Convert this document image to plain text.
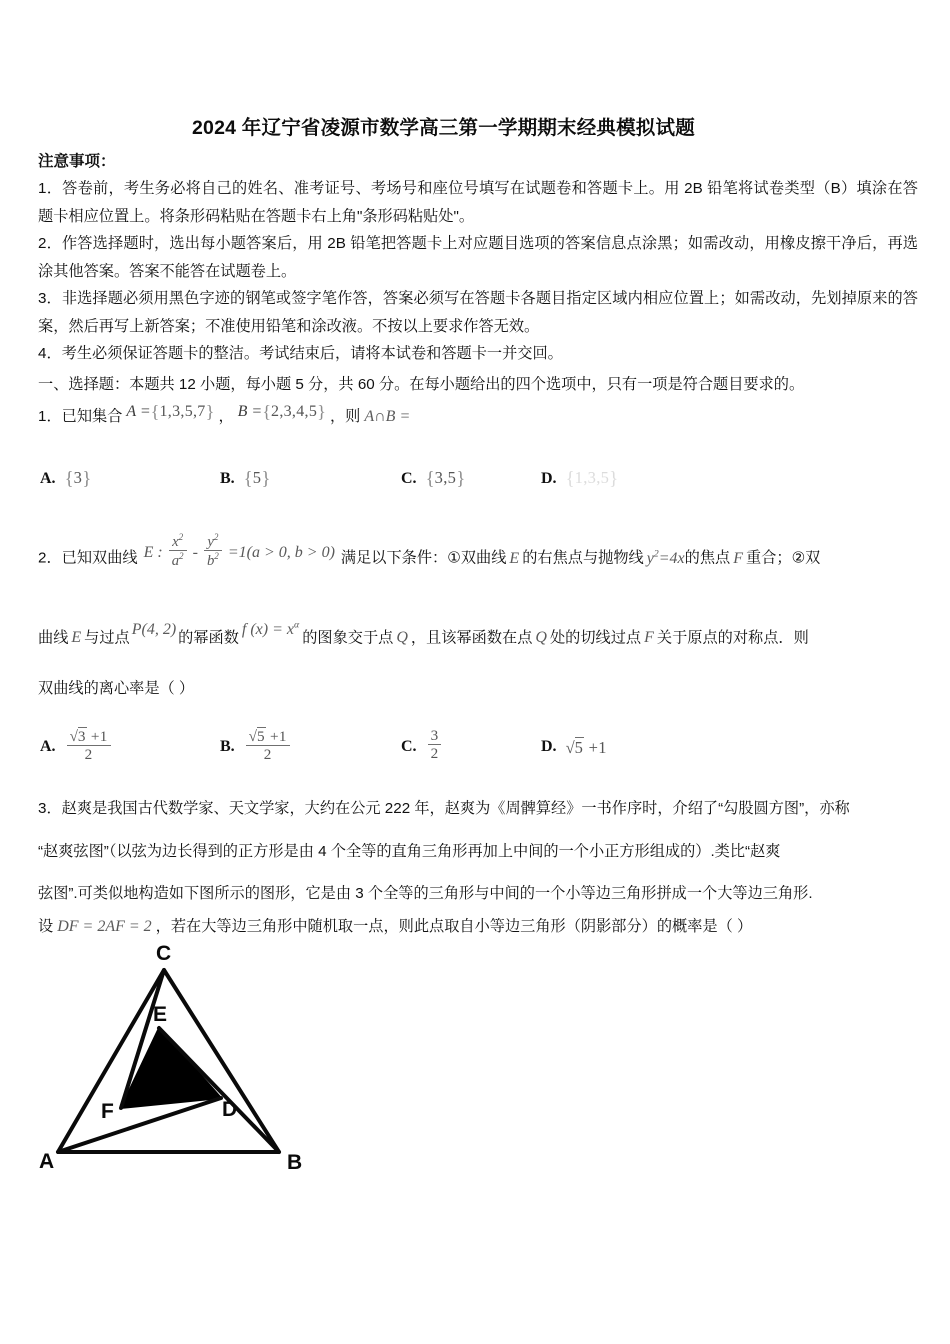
2024 年辽宁省凌源市数学高三第一学期期末经典模拟试题
注意事项：
1．答卷前，考生务必将自己的姓名、准考证号、考场号和座位号填写在试题卷和答题卡上。用 2B 铅笔将试卷类型（B）填涂在答题卡相应位置上。将条形码粘贴在答题卡右上角"条形码粘贴处"。
2．作答选择题时，选出每小题答案后，用 2B 铅笔把答题卡上对应题目选项的答案信息点涂黑；如需改动，用橡皮擦干净后，再选涂其他答案。答案不能答在试题卷上。
3．非选择题必须用黑色字迹的钢笔或签字笔作答，答案必须写在答题卡各题目指定区域内相应位置上；如需改动，先划掉原来的答案，然后再写上新答案；不准使用铅笔和涂改液。不按以上要求作答无效。
4．考生必须保证答题卡的整洁。考试结束后，请将本试卷和答题卡一并交回。
一、选择题：本题共 12 小题，每小题 5 分，共 60 分。在每小题给出的四个选项中，只有一项是符合题目要求的。
1．已知集合 A ={1,3,5,7} ， B ={2,3,4,5} ，则 A∩B =
A. {3}	B. {5}	C. {3,5}	D. {1,3,5}
2．已知双曲线 E : $\frac{x^2}{a^2} - \frac{y^2}{b^2} =1(a > 0$, b > 0) 满足以下条件：①双曲线 E 的右焦点与抛物线 $y^2=4x$的焦点 F 重合；②双
曲线 E 与过点 P(4, 2) 的幂函数 f $(x) = x^\alpha$的图象交于点 Q ，且该幂函数在点 Q 处的切线过点 F 关于原点的对称点．则
双曲线的离心率是（ ）
A. $\frac{√3 +1}{2}$	B. $\frac{√5 +1}{2}$	C. $\frac{3}{2}$	D. √5 +1
3．赵爽是我国古代数学家、天文学家，大约在公元 222 年，赵爽为《周髀算经》一书作序时，介绍了“勾股圆方图”，亦称
“赵爽弦图”（以弦为边长得到的正方形是由 4 个全等的直角三角形再加上中间的一个小正方形组成的）.类比“赵爽
弦图”.可类似地构造如下图所示的图形，它是由 3 个全等的三角形与中间的一个小等边三角形拼成一个大等边三角形.
设 DF = 2AF = 2 ，若在大等边三角形中随机取一点，则此点取自小等边三角形（阴影部分）的概率是（ ）
A	B
C
D
E
F
